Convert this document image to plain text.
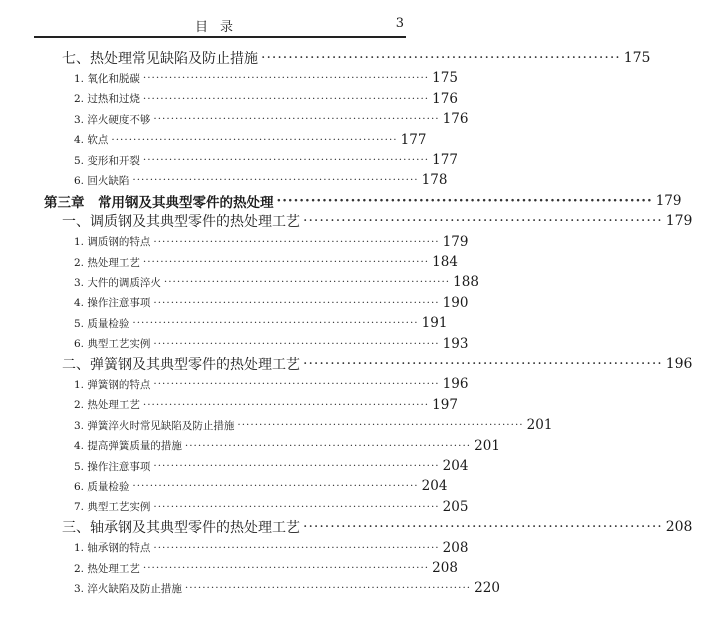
目录	3
七、热处理常见缺陷及防止措施 ·································································· 175
1. 氧化和脱碳 ·································································· 175
2. 过热和过烧 ·································································· 176
3. 淬火硬度不够 ·································································· 176
4. 软点 ·································································· 177
5. 变形和开裂 ·································································· 177
6. 回火缺陷 ·································································· 178
第三章　常用钢及其典型零件的热处理 ·································································· 179
一、调质钢及其典型零件的热处理工艺 ·································································· 179
1. 调质钢的特点 ·································································· 179
2. 热处理工艺 ·································································· 184
3. 大件的调质淬火 ·································································· 188
4. 操作注意事项 ·································································· 190
5. 质量检验 ·································································· 191
6. 典型工艺实例 ·································································· 193
二、弹簧钢及其典型零件的热处理工艺 ·································································· 196
1. 弹簧钢的特点 ·································································· 196
2. 热处理工艺 ·································································· 197
3. 弹簧淬火时常见缺陷及防止措施 ·································································· 201
4. 提高弹簧质量的措施 ·································································· 201
5. 操作注意事项 ·································································· 204
6. 质量检验 ·································································· 204
7. 典型工艺实例 ·································································· 205
三、轴承钢及其典型零件的热处理工艺 ·································································· 208
1. 轴承钢的特点 ·································································· 208
2. 热处理工艺 ·································································· 208
3. 淬火缺陷及防止措施 ·································································· 220
